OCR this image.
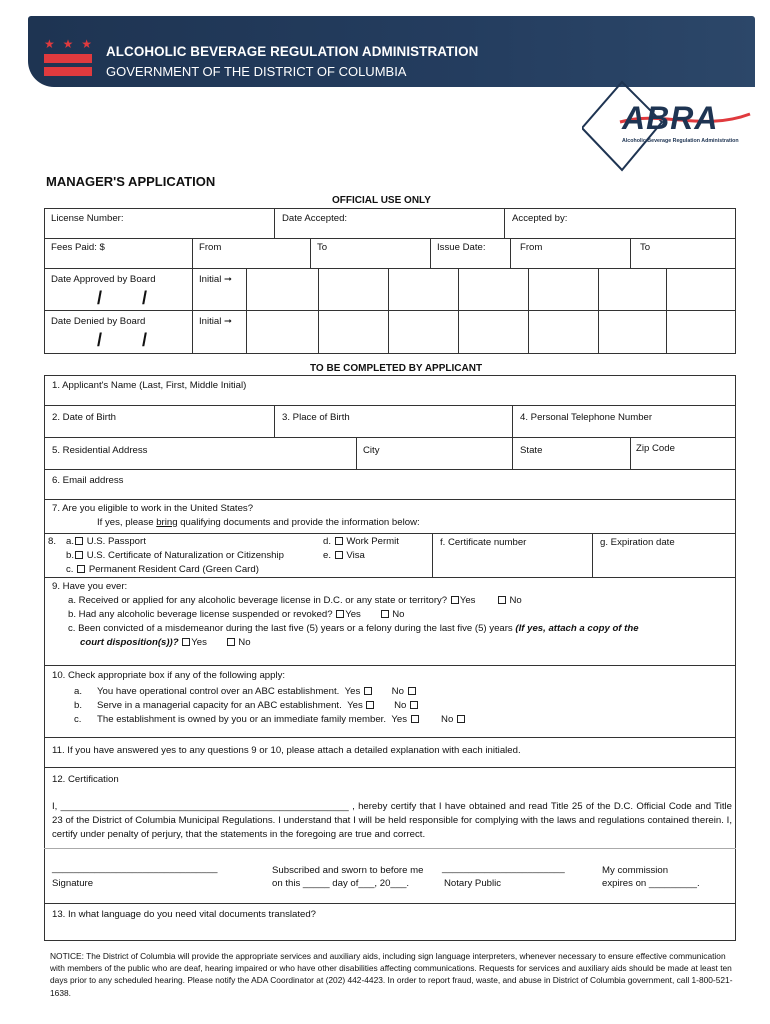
★ ★ ★ ALCOHOLIC BEVERAGE REGULATION ADMINISTRATION
GOVERNMENT OF THE DISTRICT OF COLUMBIA
ABRA
Alcoholic Beverage Regulation Administration
MANAGER'S APPLICATION
OFFICIAL USE ONLY
License Number:	Date Accepted:	Accepted by:
Fees Paid: $	From	To	Issue Date:	From	To
Date Approved by Board	Initial ➞
/ /
Date Denied by Board	Initial ➞
/ /
TO BE COMPLETED BY APPLICANT
1. Applicant's Name (Last, First, Middle Initial)
2. Date of Birth	3. Place of Birth	4. Personal Telephone Number
5. Residential Address	City	State	Zip Code
6. Email address
7. Are you eligible to work in the United States?
If yes, please bring qualifying documents and provide the information below:
8. a. U.S. Passport
b. U.S. Certificate of Naturalization or Citizenship
c. Permanent Resident Card (Green Card)
d. Work Permit
e. Visa
f. Certificate number	g. Expiration date
9. Have you ever:
a. Received or applied for any alcoholic beverage license in D.C. or any state or territory? Yes	No
b. Had any alcoholic beverage license suspended or revoked? Yes	No
c. Been convicted of a misdemeanor during the last five (5) years or a felony during the last five (5) years (If yes, attach a copy of the
court disposition(s))? Yes	No
10. Check appropriate box if any of the following apply:
a. You have operational control over an ABC establishment. Yes	No
b. Serve in a managerial capacity for an ABC establishment. Yes	No
c. The establishment is owned by you or an immediate family member. Yes	No
11. If you have answered yes to any questions 9 or 10, please attach a detailed explanation with each initialed.
12. Certification
I, ______________________________________________________ , hereby certify that I have obtained and read Title 25 of the D.C. Official Code and Title 23 of the District of Columbia Municipal Regulations. I understand that I will be held responsible for complying with the laws and regulations contained therein. I, certify under penalty of perjury, that the statements in the foregoing are true and correct.
_______________________________
Signature
Subscribed and sworn to before me
on this _____ day of___, 20___.
_______________________
Notary Public
My commission
expires on _________.
13. In what language do you need vital documents translated?
NOTICE: The District of Columbia will provide the appropriate services and auxiliary aids, including sign language interpreters, whenever necessary to ensure effective communication with members of the public who are deaf, hearing impaired or who have other disabilities affecting communications. Requests for services and auxiliary aids should be made at least ten days prior to any scheduled hearing. Please notify the ADA Coordinator at (202) 442-4423. In order to report fraud, waste, and abuse in District of Columbia government, call 1-800-521-1638.
